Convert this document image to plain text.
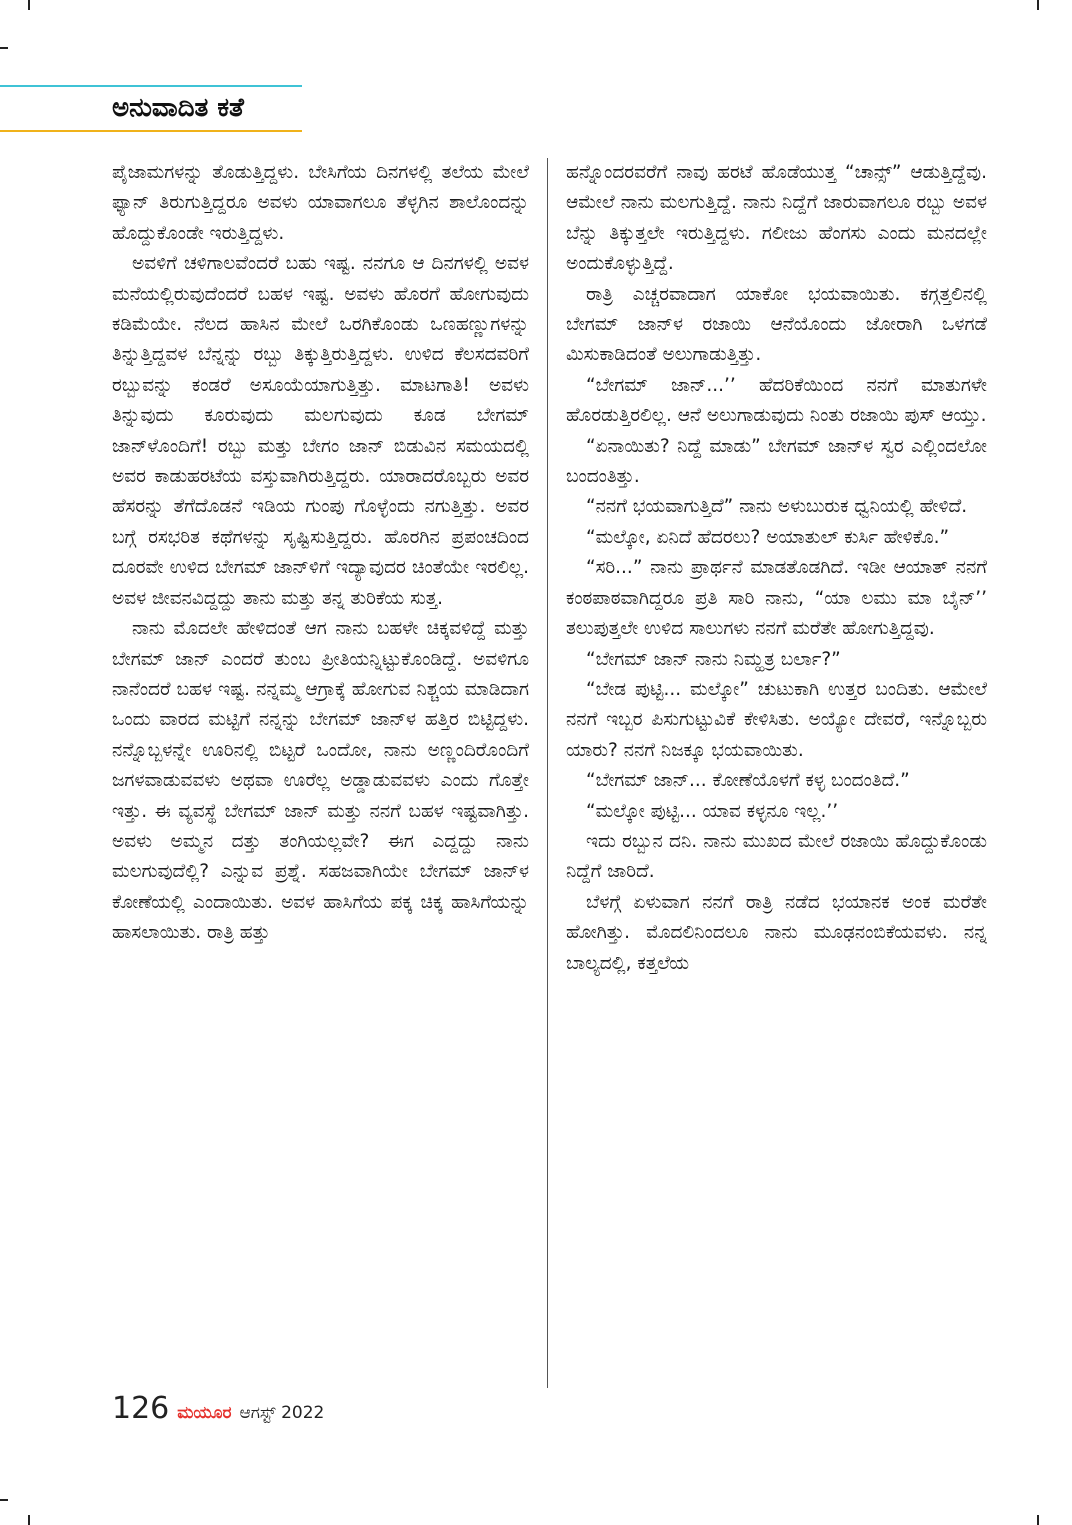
ಅನುವಾದಿತ ಕತೆ

ಪೈಜಾಮಗಳನ್ನು ತೊಡುತ್ತಿದ್ದಳು. ಬೇಸಿಗೆಯ ದಿನಗಳಲ್ಲಿ ತಲೆಯ ಮೇಲೆ ಫ್ಯಾನ್ ತಿರುಗುತ್ತಿದ್ದರೂ ಅವಳು ಯಾವಾಗಲೂ ತೆಳ್ಳಗಿನ ಶಾಲೊಂದನ್ನು ಹೊದ್ದುಕೊಂಡೇ ಇರುತ್ತಿದ್ದಳು.

ಅವಳಿಗೆ ಚಳಿಗಾಲವೆಂದರೆ ಬಹು ಇಷ್ಟ. ನನಗೂ ಆ ದಿನಗಳಲ್ಲಿ ಅವಳ ಮನೆಯಲ್ಲಿರುವುದೆಂದರೆ ಬಹಳ ಇಷ್ಟ. ಅವಳು ಹೊರಗೆ ಹೋಗುವುದು ಕಡಿಮೆಯೇ. ನೆಲದ ಹಾಸಿನ ಮೇಲೆ ಒರಗಿಕೊಂಡು ಒಣಹಣ್ಣುಗಳನ್ನು ತಿನ್ನುತ್ತಿದ್ದವಳ ಬೆನ್ನನ್ನು ರಬ್ಬು ತಿಕ್ಕುತ್ತಿರುತ್ತಿದ್ದಳು. ಉಳಿದ ಕೆಲಸದವರಿಗೆ ರಬ್ಬುವನ್ನು ಕಂಡರೆ ಅಸೂಯೆಯಾಗುತ್ತಿತ್ತು. ಮಾಟಗಾತಿ! ಅವಳು ತಿನ್ನುವುದು ಕೂರುವುದು ಮಲಗುವುದು ಕೂಡ ಬೇಗಮ್ ಜಾನ್‌ಳೊಂದಿಗೆ! ರಬ್ಬು ಮತ್ತು ಬೇಗಂ ಜಾನ್ ಬಿಡುವಿನ ಸಮಯದಲ್ಲಿ ಅವರ ಕಾಡುಹರಟೆಯ ವಸ್ತುವಾಗಿರುತ್ತಿದ್ದರು. ಯಾರಾದರೊಬ್ಬರು ಅವರ ಹೆಸರನ್ನು ತೆಗೆದೊಡನೆ ಇಡಿಯ ಗುಂಪು ಗೊಳ್ಳೆಂದು ನಗುತ್ತಿತ್ತು. ಅವರ ಬಗ್ಗೆ ರಸಭರಿತ ಕಥೆಗಳನ್ನು ಸೃಷ್ಟಿಸುತ್ತಿದ್ದರು. ಹೊರಗಿನ ಪ್ರಪಂಚದಿಂದ ದೂರವೇ ಉಳಿದ ಬೇಗಮ್ ಜಾನ್‌ಳಿಗೆ ಇದ್ಯಾವುದರ ಚಿಂತೆಯೇ ಇರಲಿಲ್ಲ. ಅವಳ ಜೀವನವಿದ್ದದ್ದು ತಾನು ಮತ್ತು ತನ್ನ ತುರಿಕೆಯ ಸುತ್ತ.

ನಾನು ಮೊದಲೇ ಹೇಳಿದಂತೆ ಆಗ ನಾನು ಬಹಳೇ ಚಿಕ್ಕವಳಿದ್ದೆ ಮತ್ತು ಬೇಗಮ್ ಜಾನ್ ಎಂದರೆ ತುಂಬ ಪ್ರೀತಿಯನ್ನಿಟ್ಟುಕೊಂಡಿದ್ದೆ. ಅವಳಿಗೂ ನಾನೆಂದರೆ ಬಹಳ ಇಷ್ಟ. ನನ್ನಮ್ಮ ಆಗ್ರಾಕ್ಕೆ ಹೋಗುವ ನಿಶ್ಚಯ ಮಾಡಿದಾಗ ಒಂದು ವಾರದ ಮಟ್ಟಿಗೆ ನನ್ನನ್ನು ಬೇಗಮ್ ಜಾನ್‌ಳ ಹತ್ತಿರ ಬಿಟ್ಟಿದ್ದಳು. ನನ್ನೊಬ್ಬಳನ್ನೇ ಊರಿನಲ್ಲಿ ಬಿಟ್ಟರೆ ಒಂದೋ, ನಾನು ಅಣ್ಣಂದಿರೊಂದಿಗೆ ಜಗಳವಾಡುವವಳು ಅಥವಾ ಊರೆಲ್ಲ ಅಡ್ಡಾಡುವವಳು ಎಂದು ಗೊತ್ತೇ ಇತ್ತು. ಈ ವ್ಯವಸ್ಥೆ ಬೇಗಮ್ ಜಾನ್ ಮತ್ತು ನನಗೆ ಬಹಳ ಇಷ್ಟವಾಗಿತ್ತು. ಅವಳು ಅಮ್ಮನ ದತ್ತು ತಂಗಿಯಲ್ಲವೇ? ಈಗ ಎದ್ದದ್ದು ನಾನು ಮಲಗುವುದೆಲ್ಲಿ? ಎನ್ನುವ ಪ್ರಶ್ನೆ. ಸಹಜವಾಗಿಯೇ ಬೇಗಮ್ ಜಾನ್‌ಳ ಕೋಣೆಯಲ್ಲಿ ಎಂದಾಯಿತು. ಅವಳ ಹಾಸಿಗೆಯ ಪಕ್ಕ ಚಿಕ್ಕ ಹಾಸಿಗೆಯನ್ನು ಹಾಸಲಾಯಿತು. ರಾತ್ರಿ ಹತ್ತು

ಹನ್ನೊಂದರವರೆಗೆ ನಾವು ಹರಟೆ ಹೊಡೆಯುತ್ತ “ಚಾನ್ಸ್” ಆಡುತ್ತಿದ್ದೆವು. ಆಮೇಲೆ ನಾನು ಮಲಗುತ್ತಿದ್ದೆ. ನಾನು ನಿದ್ದೆಗೆ ಜಾರುವಾಗಲೂ ರಬ್ಬು ಅವಳ ಬೆನ್ನು ತಿಕ್ಕುತ್ತಲೇ ಇರುತ್ತಿದ್ದಳು. ಗಲೀಜು ಹೆಂಗಸು ಎಂದು ಮನದಲ್ಲೇ ಅಂದುಕೊಳ್ಳುತ್ತಿದ್ದೆ.

ರಾತ್ರಿ ಎಚ್ಚರವಾದಾಗ ಯಾಕೋ ಭಯವಾಯಿತು. ಕಗ್ಗತ್ತಲಿನಲ್ಲಿ ಬೇಗಮ್ ಜಾನ್‌ಳ ರಜಾಯಿ ಆನೆಯೊಂದು ಜೋರಾಗಿ ಒಳಗಡೆ ಮಿಸುಕಾಡಿದಂತೆ ಅಲುಗಾಡುತ್ತಿತ್ತು.

“ಬೇಗಮ್ ಜಾನ್...’’ ಹೆದರಿಕೆಯಿಂದ ನನಗೆ ಮಾತುಗಳೇ ಹೊರಡುತ್ತಿರಲಿಲ್ಲ. ಆನೆ ಅಲುಗಾಡುವುದು ನಿಂತು ರಜಾಯಿ ಪುಸ್ ಆಯ್ತು.

“ಏನಾಯಿತು? ನಿದ್ದೆ ಮಾಡು” ಬೇಗಮ್ ಜಾನ್‌ಳ ಸ್ವರ ಎಲ್ಲಿಂದಲೋ ಬಂದಂತಿತ್ತು.

“ನನಗೆ ಭಯವಾಗುತ್ತಿದೆ” ನಾನು ಅಳುಬುರುಕ ಧ್ವನಿಯಲ್ಲಿ ಹೇಳಿದೆ.

“ಮಲ್ಕೋ, ಏನಿದೆ ಹೆದರಲು? ಅಯಾತುಲ್ ಕುರ್ಸಿ ಹೇಳಿಕೊ.”

“ಸರಿ...” ನಾನು ಪ್ರಾರ್ಥನೆ ಮಾಡತೊಡಗಿದೆ. ಇಡೀ ಆಯಾತ್ ನನಗೆ ಕಂಠಪಾಠವಾಗಿದ್ದರೂ ಪ್ರತಿ ಸಾರಿ ನಾನು, “ಯಾ ಲಮು ಮಾ ಬೈನ್’’ ತಲುಪುತ್ತಲೇ ಉಳಿದ ಸಾಲುಗಳು ನನಗೆ ಮರೆತೇ ಹೋಗುತ್ತಿದ್ದವು.

“ಬೇಗಮ್ ಜಾನ್ ನಾನು ನಿಮ್ಹತ್ರ ಬರ್ಲಾ?”

“ಬೇಡ ಪುಟ್ಟಿ... ಮಲ್ಕೋ” ಚುಟುಕಾಗಿ ಉತ್ತರ ಬಂದಿತು. ಆಮೇಲೆ ನನಗೆ ಇಬ್ಬರ ಪಿಸುಗುಟ್ಟುವಿಕೆ ಕೇಳಿಸಿತು. ಅಯ್ಯೋ ದೇವರೆ, ಇನ್ನೊಬ್ಬರು ಯಾರು? ನನಗೆ ನಿಜಕ್ಕೂ ಭಯವಾಯಿತು.

“ಬೇಗಮ್ ಜಾನ್... ಕೋಣೆಯೊಳಗೆ ಕಳ್ಳ ಬಂದಂತಿದೆ.”

“ಮಲ್ಕೋ ಪುಟ್ಟಿ... ಯಾವ ಕಳ್ಳನೂ ಇಲ್ಲ.’’

ಇದು ರಬ್ಬುನ ದನಿ. ನಾನು ಮುಖದ ಮೇಲೆ ರಜಾಯಿ ಹೊದ್ದುಕೊಂಡು ನಿದ್ದೆಗೆ ಜಾರಿದೆ.

ಬೆಳಗ್ಗೆ ಏಳುವಾಗ ನನಗೆ ರಾತ್ರಿ ನಡೆದ ಭಯಾನಕ ಅಂಕ ಮರೆತೇ ಹೋಗಿತ್ತು. ಮೊದಲಿನಿಂದಲೂ ನಾನು ಮೂಢನಂಬಿಕೆಯವಳು. ನನ್ನ ಬಾಲ್ಯದಲ್ಲಿ, ಕತ್ತಲೆಯ

126 ಮಯೂರ ಆಗಸ್ಟ್ 2022
